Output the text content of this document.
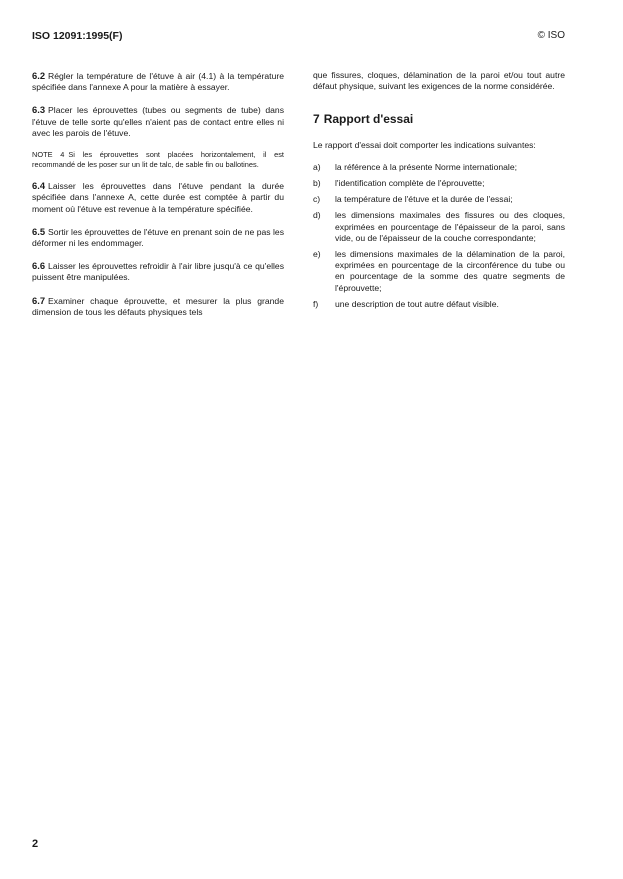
ISO 12091:1995(F)	© ISO

6.2 Régler la température de l'étuve à air (4.1) à la température spécifiée dans l'annexe A pour la matière à essayer.

6.3 Placer les éprouvettes (tubes ou segments de tube) dans l'étuve de telle sorte qu'elles n'aient pas de contact entre elles ni avec les parois de l'étuve.

NOTE 4 Si les éprouvettes sont placées horizontalement, il est recommandé de les poser sur un lit de talc, de sable fin ou ballotines.

6.4 Laisser les éprouvettes dans l'étuve pendant la durée spécifiée dans l'annexe A, cette durée est comptée à partir du moment où l'étuve est revenue à la température spécifiée.

6.5 Sortir les éprouvettes de l'étuve en prenant soin de ne pas les déformer ni les endommager.

6.6 Laisser les éprouvettes refroidir à l'air libre jusqu'à ce qu'elles puissent être manipulées.

6.7 Examiner chaque éprouvette, et mesurer la plus grande dimension de tous les défauts physiques tels

que fissures, cloques, délamination de la paroi et/ou tout autre défaut physique, suivant les exigences de la norme considérée.

7 Rapport d'essai

Le rapport d'essai doit comporter les indications suivantes:

a)	la référence à la présente Norme internationale;
b)	l'identification complète de l'éprouvette;
c)	la température de l'étuve et la durée de l'essai;
d)	les dimensions maximales des fissures ou des cloques, exprimées en pourcentage de l'épaisseur de la paroi, sans vide, ou de l'épaisseur de la couche correspondante;
e)	les dimensions maximales de la délamination de la paroi, exprimées en pourcentage de la circonférence du tube ou en pourcentage de la somme des quatre segments de l'éprouvette;
f)	une description de tout autre défaut visible.
2
